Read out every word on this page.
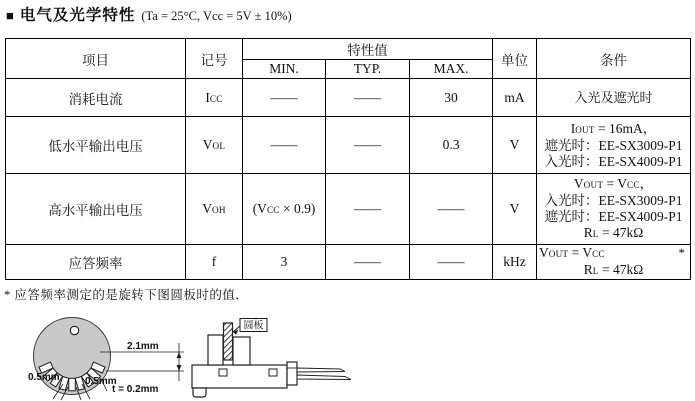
■ 电气及光学特性 (Ta = 25°C, Vcc = 5V ± 10%)
项目	记号	特性值			单位	条件
		MIN.	TYP.	MAX.		
消耗电流	ICC	——	——	30	mA	入光及遮光时

低水平输出电压	VOL	——	——	0.3	V	IOUT = 16mA，
遮光时：EE-SX3009-P1
入光时：EE-SX4009-P1

高水平输出电压	VOH	(VCC × 0.9)	——	——	V	VOUT = VCC，
入光时：EE-SX3009-P1
遮光时：EE-SX4009-P1
RL = 47kΩ

应答频率	f	3	——	——	kHz	VOUT = VCC *
RL = 47kΩ
* 应答频率测定的是旋转下图圆板时的值．
2.1mm
0.5mm	0.5mm
t = 0.2mm
圆板
